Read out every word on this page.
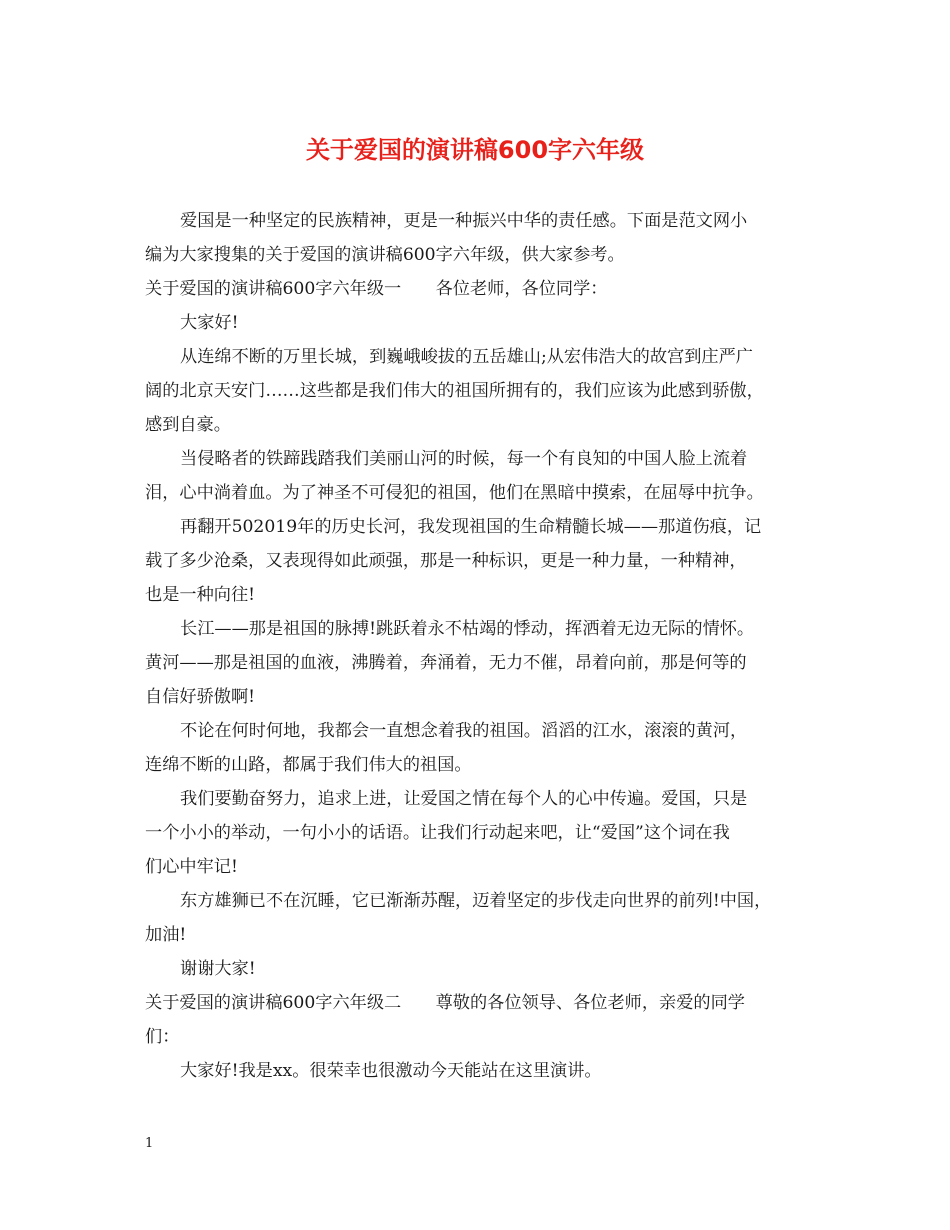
关于爱国的演讲稿600字六年级
爱国是一种坚定的民族精神，更是一种振兴中华的责任感。下面是范文网小
编为大家搜集的关于爱国的演讲稿600字六年级，供大家参考。
关于爱国的演讲稿600字六年级一　　各位老师，各位同学：
大家好!
从连绵不断的万里长城，到巍峨峻拔的五岳雄山;从宏伟浩大的故宫到庄严广
阔的北京天安门……这些都是我们伟大的祖国所拥有的，我们应该为此感到骄傲，
感到自豪。
当侵略者的铁蹄践踏我们美丽山河的时候，每一个有良知的中国人脸上流着
泪，心中淌着血。为了神圣不可侵犯的祖国，他们在黑暗中摸索，在屈辱中抗争。
再翻开502019年的历史长河，我发现祖国的生命精髓长城——那道伤痕，记
载了多少沧桑，又表现得如此顽强，那是一种标识，更是一种力量，一种精神，
也是一种向往!
长江——那是祖国的脉搏!跳跃着永不枯竭的悸动，挥洒着无边无际的情怀。
黄河——那是祖国的血液，沸腾着，奔涌着，无力不催，昂着向前，那是何等的
自信好骄傲啊!
不论在何时何地，我都会一直想念着我的祖国。滔滔的江水，滚滚的黄河，
连绵不断的山路，都属于我们伟大的祖国。
我们要勤奋努力，追求上进，让爱国之情在每个人的心中传遍。爱国，只是
一个小小的举动，一句小小的话语。让我们行动起来吧，让“爱国”这个词在我
们心中牢记!
东方雄狮已不在沉睡，它已渐渐苏醒，迈着坚定的步伐走向世界的前列!中国，
加油!
谢谢大家!
关于爱国的演讲稿600字六年级二　　尊敬的各位领导、各位老师，亲爱的同学
们：
大家好!我是xx。很荣幸也很激动今天能站在这里演讲。
1
